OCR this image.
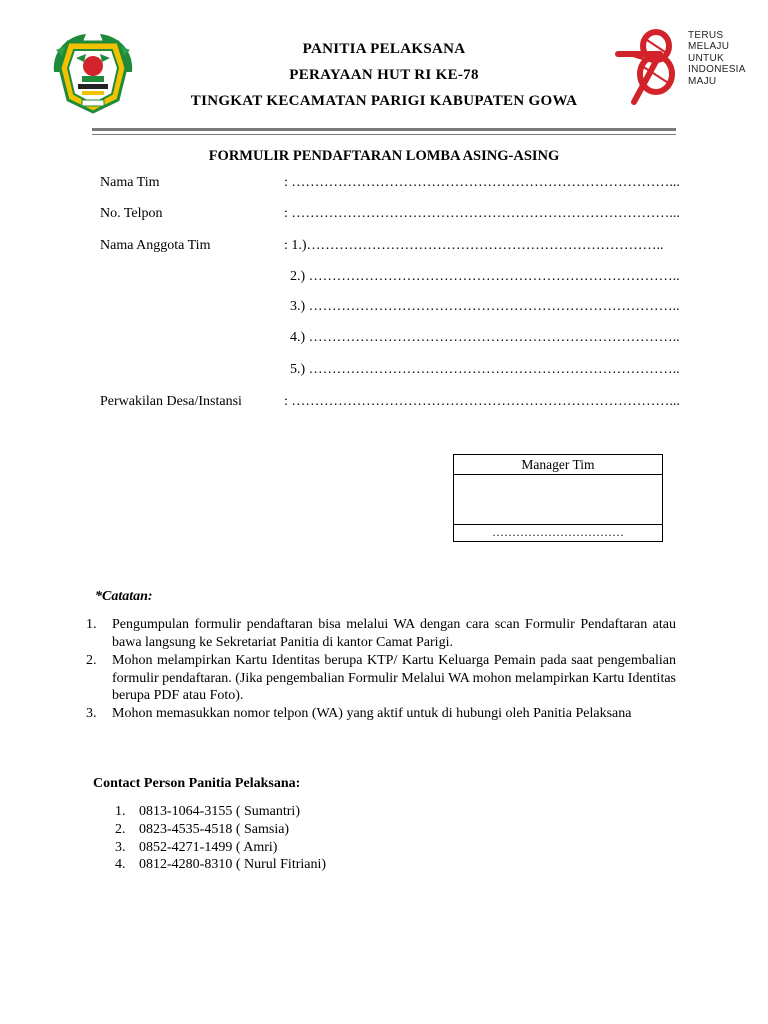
PANITIA PELAKSANA
PERAYAAN HUT RI KE-78
TINGKAT KECAMATAN PARIGI KABUPATEN GOWA
TERUS
MELAJU
UNTUK
INDONESIA
MAJU
FORMULIR PENDAFTARAN LOMBA ASING-ASING
Nama Tim	: ………………………………………………………………………...
No. Telpon	: ………………………………………………………………………...
Nama Anggota Tim	: 1.)…………………………………………………………………..
2.) ……………………………………………………………………..
3.) ……………………………………………………………………..
4.) ……………………………………………………………………..
5.) ……………………………………………………………………..
Perwakilan Desa/Instansi	: ………………………………………………………………………...
Manager Tim
……………………………
*Catatan:
1. Pengumpulan formulir pendaftaran bisa melalui WA dengan cara scan Formulir Pendaftaran atau bawa langsung ke Sekretariat Panitia di kantor Camat Parigi.
2. Mohon melampirkan Kartu Identitas berupa KTP/ Kartu Keluarga Pemain pada saat pengembalian formulir pendaftaran. (Jika pengembalian Formulir Melalui WA mohon melampirkan Kartu Identitas berupa PDF atau Foto).
3. Mohon memasukkan nomor telpon (WA) yang aktif untuk di hubungi oleh Panitia Pelaksana
Contact Person Panitia Pelaksana:
1. 0813-1064-3155 ( Sumantri)
2. 0823-4535-4518 ( Samsia)
3. 0852-4271-1499 ( Amri)
4. 0812-4280-8310 ( Nurul Fitriani)
